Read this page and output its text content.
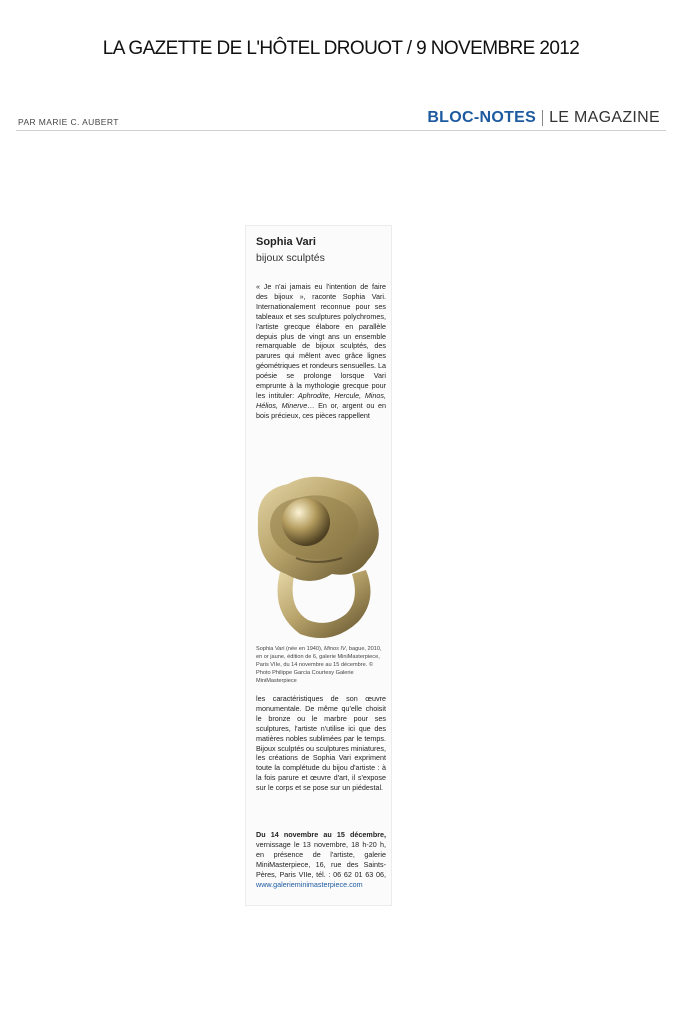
LA GAZETTE DE L'HÔTEL DROUOT / 9 NOVEMBRE 2012
PAR MARIE C. AUBERT	BLOC-NOTES LE MAGAZINE
Sophia Vari
bijoux sculptés
« Je n'ai jamais eu l'intention de faire des bijoux », raconte Sophia Vari. Internationalement reconnue pour ses tableaux et ses sculptures polychromes, l'artiste grecque élabore en parallèle depuis plus de vingt ans un ensemble remarquable de bijoux sculptés, des parures qui mêlent avec grâce lignes géométriques et rondeurs sensuelles. La poésie se prolonge lorsque Vari emprunte à la mythologie grecque pour les intituler: Aphrodite, Hercule, Minos, Hélios, Minerve… En or, argent ou en bois précieux, ces pièces rappellent
Sophia Vari (née en 1940), Minos IV, bague, 2010, en or jaune, édition de 6, galerie MiniMasterpiece, Paris VIIe, du 14 novembre au 15 décembre. © Photo Philippe Garcia Courtesy Galerie MiniMasterpiece
les caractéristiques de son œuvre monumentale. De même qu'elle choisit le bronze ou le marbre pour ses sculptures, l'artiste n'utilise ici que des matières nobles sublimées par le temps. Bijoux sculptés ou sculptures miniatures, les créations de Sophia Vari expriment toute la complétude du bijou d'artiste : à la fois parure et œuvre d'art, il s'expose sur le corps et se pose sur un piédestal.
Du 14 novembre au 15 décembre, vernissage le 13 novembre, 18 h-20 h, en présence de l'artiste, galerie MiniMasterpiece, 16, rue des Saints-Pères, Paris VIIe, tél. : 06 62 01 63 06, www.galerieminimasterpiece.com
